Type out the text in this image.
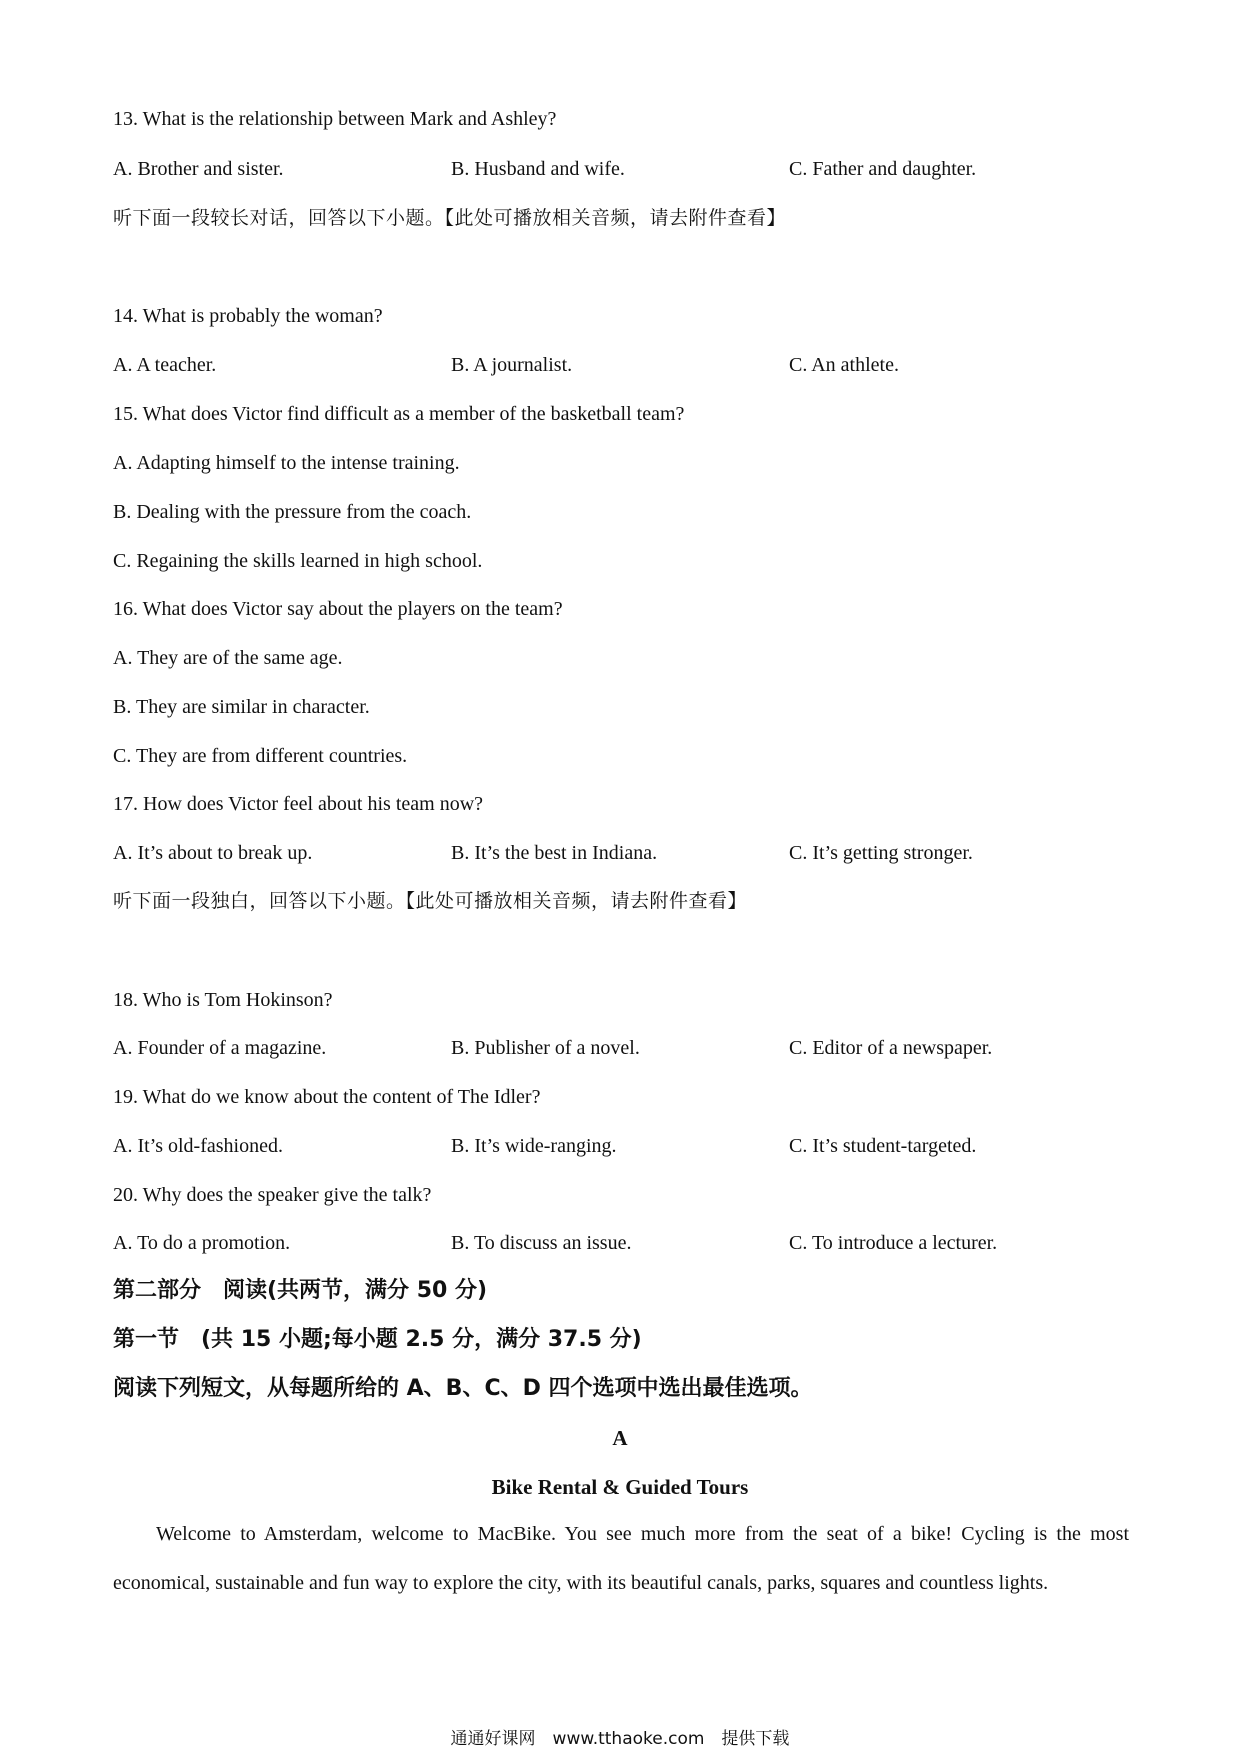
13. What is the relationship between Mark and Ashley?
A. Brother and sister.	B. Husband and wife.	C. Father and daughter.
听下面一段较长对话，回答以下小题。【此处可播放相关音频，请去附件查看】
14. What is probably the woman?
A. A teacher.	B. A journalist.	C. An athlete.
15. What does Victor find difficult as a member of the basketball team?
A. Adapting himself to the intense training.
B. Dealing with the pressure from the coach.
C. Regaining the skills learned in high school.
16. What does Victor say about the players on the team?
A. They are of the same age.
B. They are similar in character.
C. They are from different countries.
17. How does Victor feel about his team now?
A. It’s about to break up.	B. It’s the best in Indiana.	C. It’s getting stronger.
听下面一段独白，回答以下小题。【此处可播放相关音频，请去附件查看】
18. Who is Tom Hokinson?
A. Founder of a magazine.	B. Publisher of a novel.	C. Editor of a newspaper.
19. What do we know about the content of The Idler?
A. It’s old-fashioned.	B. It’s wide-ranging.	C. It’s student-targeted.
20. Why does the speaker give the talk?
A. To do a promotion.	B. To discuss an issue.	C. To introduce a lecturer.
第二部分　阅读(共两节，满分 50 分)
第一节　(共 15 小题;每小题 2.5 分，满分 37.5 分)
阅读下列短文，从每题所给的 A、B、C、D 四个选项中选出最佳选项。
A
Bike Rental & Guided Tours
Welcome to Amsterdam, welcome to MacBike. You see much more from the seat of a bike! Cycling is the most economical, sustainable and fun way to explore the city, with its beautiful canals, parks, squares and countless lights.
通通好课网　www.tthaoke.com　提供下载
